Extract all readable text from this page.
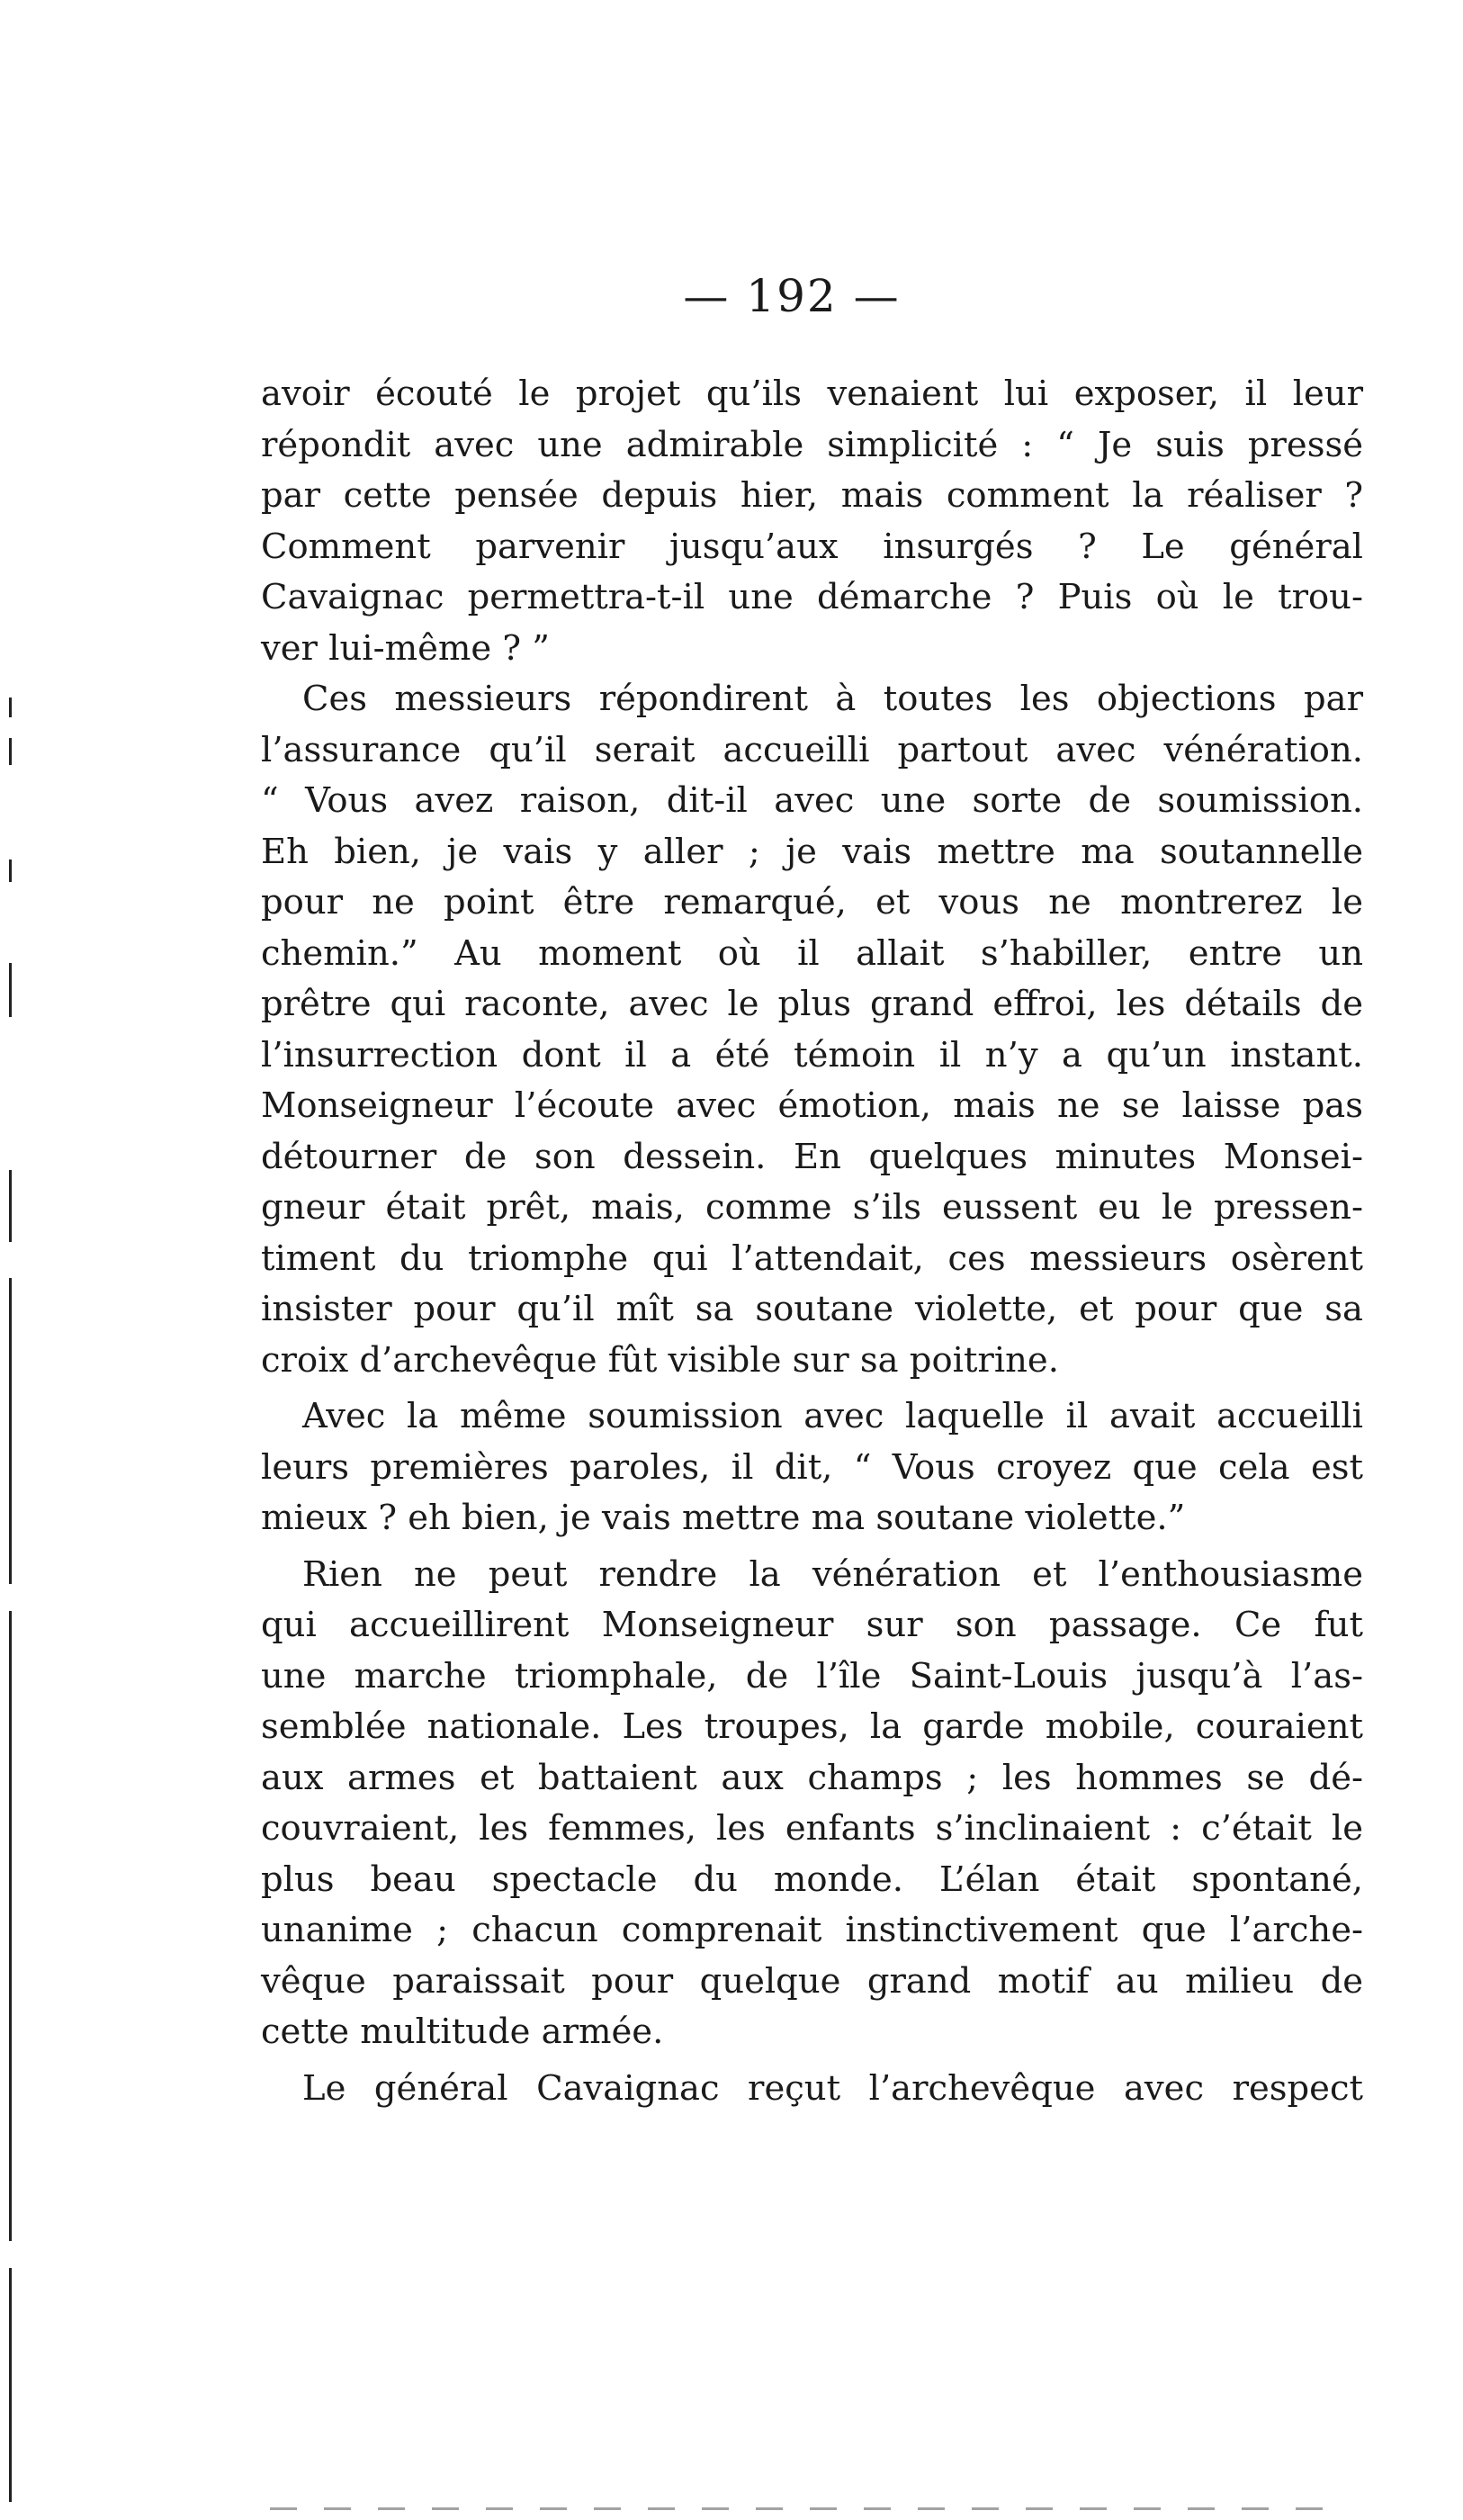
— 192 —

avoir écouté le projet qu’ils venaient lui exposer, il leur
répondit avec une admirable simplicité : “ Je suis pressé
par cette pensée depuis hier, mais comment la réaliser ?
Comment parvenir jusqu’aux insurgés ? Le général
Cavaignac permettra-t-il une démarche ? Puis où le trou-
ver lui-même ? ”

Ces messieurs répondirent à toutes les objections par
l’assurance qu’il serait accueilli partout avec vénération.
“ Vous avez raison, dit-il avec une sorte de soumission.
Eh bien, je vais y aller ; je vais mettre ma soutannelle
pour ne point être remarqué, et vous ne montrerez le
chemin.” Au moment où il allait s’habiller, entre un
prêtre qui raconte, avec le plus grand effroi, les détails de
l’insurrection dont il a été témoin il n’y a qu’un instant.
Monseigneur l’écoute avec émotion, mais ne se laisse pas
détourner de son dessein. En quelques minutes Monsei-
gneur était prêt, mais, comme s’ils eussent eu le pressen-
timent du triomphe qui l’attendait, ces messieurs osèrent
insister pour qu’il mît sa soutane violette, et pour que sa
croix d’archevêque fût visible sur sa poitrine.

Avec la même soumission avec laquelle il avait accueilli
leurs premières paroles, il dit, “ Vous croyez que cela est
mieux ? eh bien, je vais mettre ma soutane violette.”

Rien ne peut rendre la vénération et l’enthousiasme
qui accueillirent Monseigneur sur son passage. Ce fut
une marche triomphale, de l’île Saint-Louis jusqu’à l’as-
semblée nationale. Les troupes, la garde mobile, couraient
aux armes et battaient aux champs ; les hommes se dé-
couvraient, les femmes, les enfants s’inclinaient : c’était le
plus beau spectacle du monde. L’élan était spontané,
unanime ; chacun comprenait instinctivement que l’arche-
vêque paraissait pour quelque grand motif au milieu de
cette multitude armée.

Le général Cavaignac reçut l’archevêque avec respect
